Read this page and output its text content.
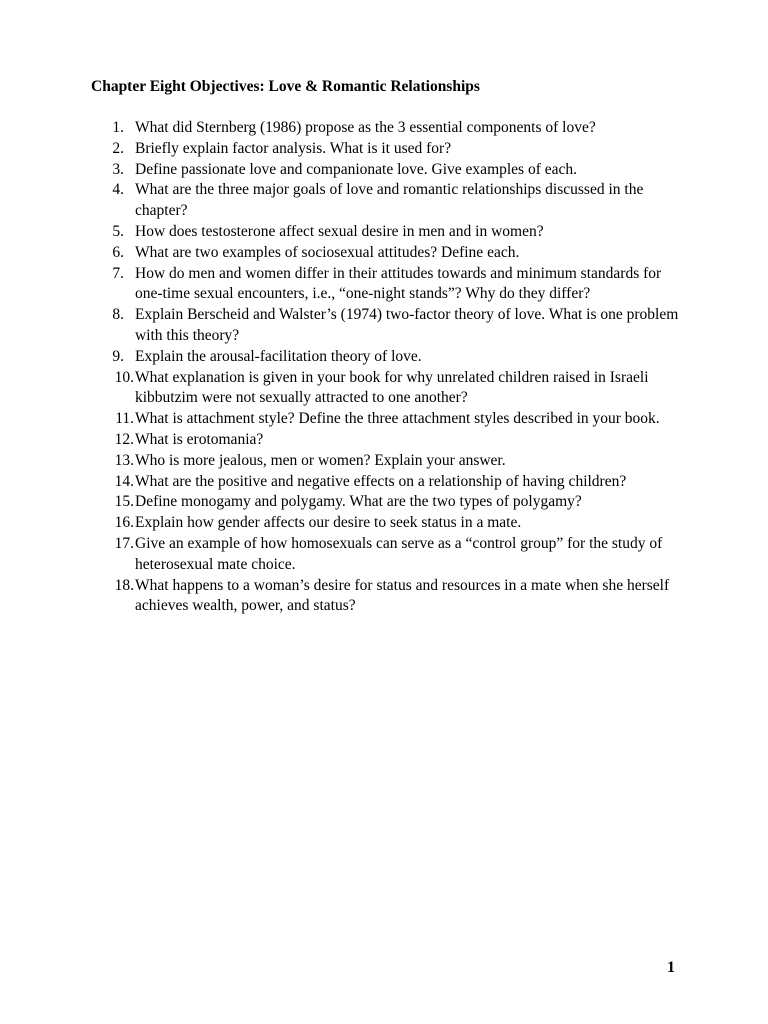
Chapter Eight Objectives: Love & Romantic Relationships
1. What did Sternberg (1986) propose as the 3 essential components of love?
2. Briefly explain factor analysis. What is it used for?
3. Define passionate love and companionate love. Give examples of each.
4. What are the three major goals of love and romantic relationships discussed in the chapter?
5. How does testosterone affect sexual desire in men and in women?
6. What are two examples of sociosexual attitudes? Define each.
7. How do men and women differ in their attitudes towards and minimum standards for one-time sexual encounters, i.e., “one-night stands”? Why do they differ?
8. Explain Berscheid and Walster’s (1974) two-factor theory of love. What is one problem with this theory?
9. Explain the arousal-facilitation theory of love.
10. What explanation is given in your book for why unrelated children raised in Israeli kibbutzim were not sexually attracted to one another?
11. What is attachment style? Define the three attachment styles described in your book.
12. What is erotomania?
13. Who is more jealous, men or women? Explain your answer.
14. What are the positive and negative effects on a relationship of having children?
15. Define monogamy and polygamy. What are the two types of polygamy?
16. Explain how gender affects our desire to seek status in a mate.
17. Give an example of how homosexuals can serve as a “control group” for the study of heterosexual mate choice.
18. What happens to a woman’s desire for status and resources in a mate when she herself achieves wealth, power, and status?
1
